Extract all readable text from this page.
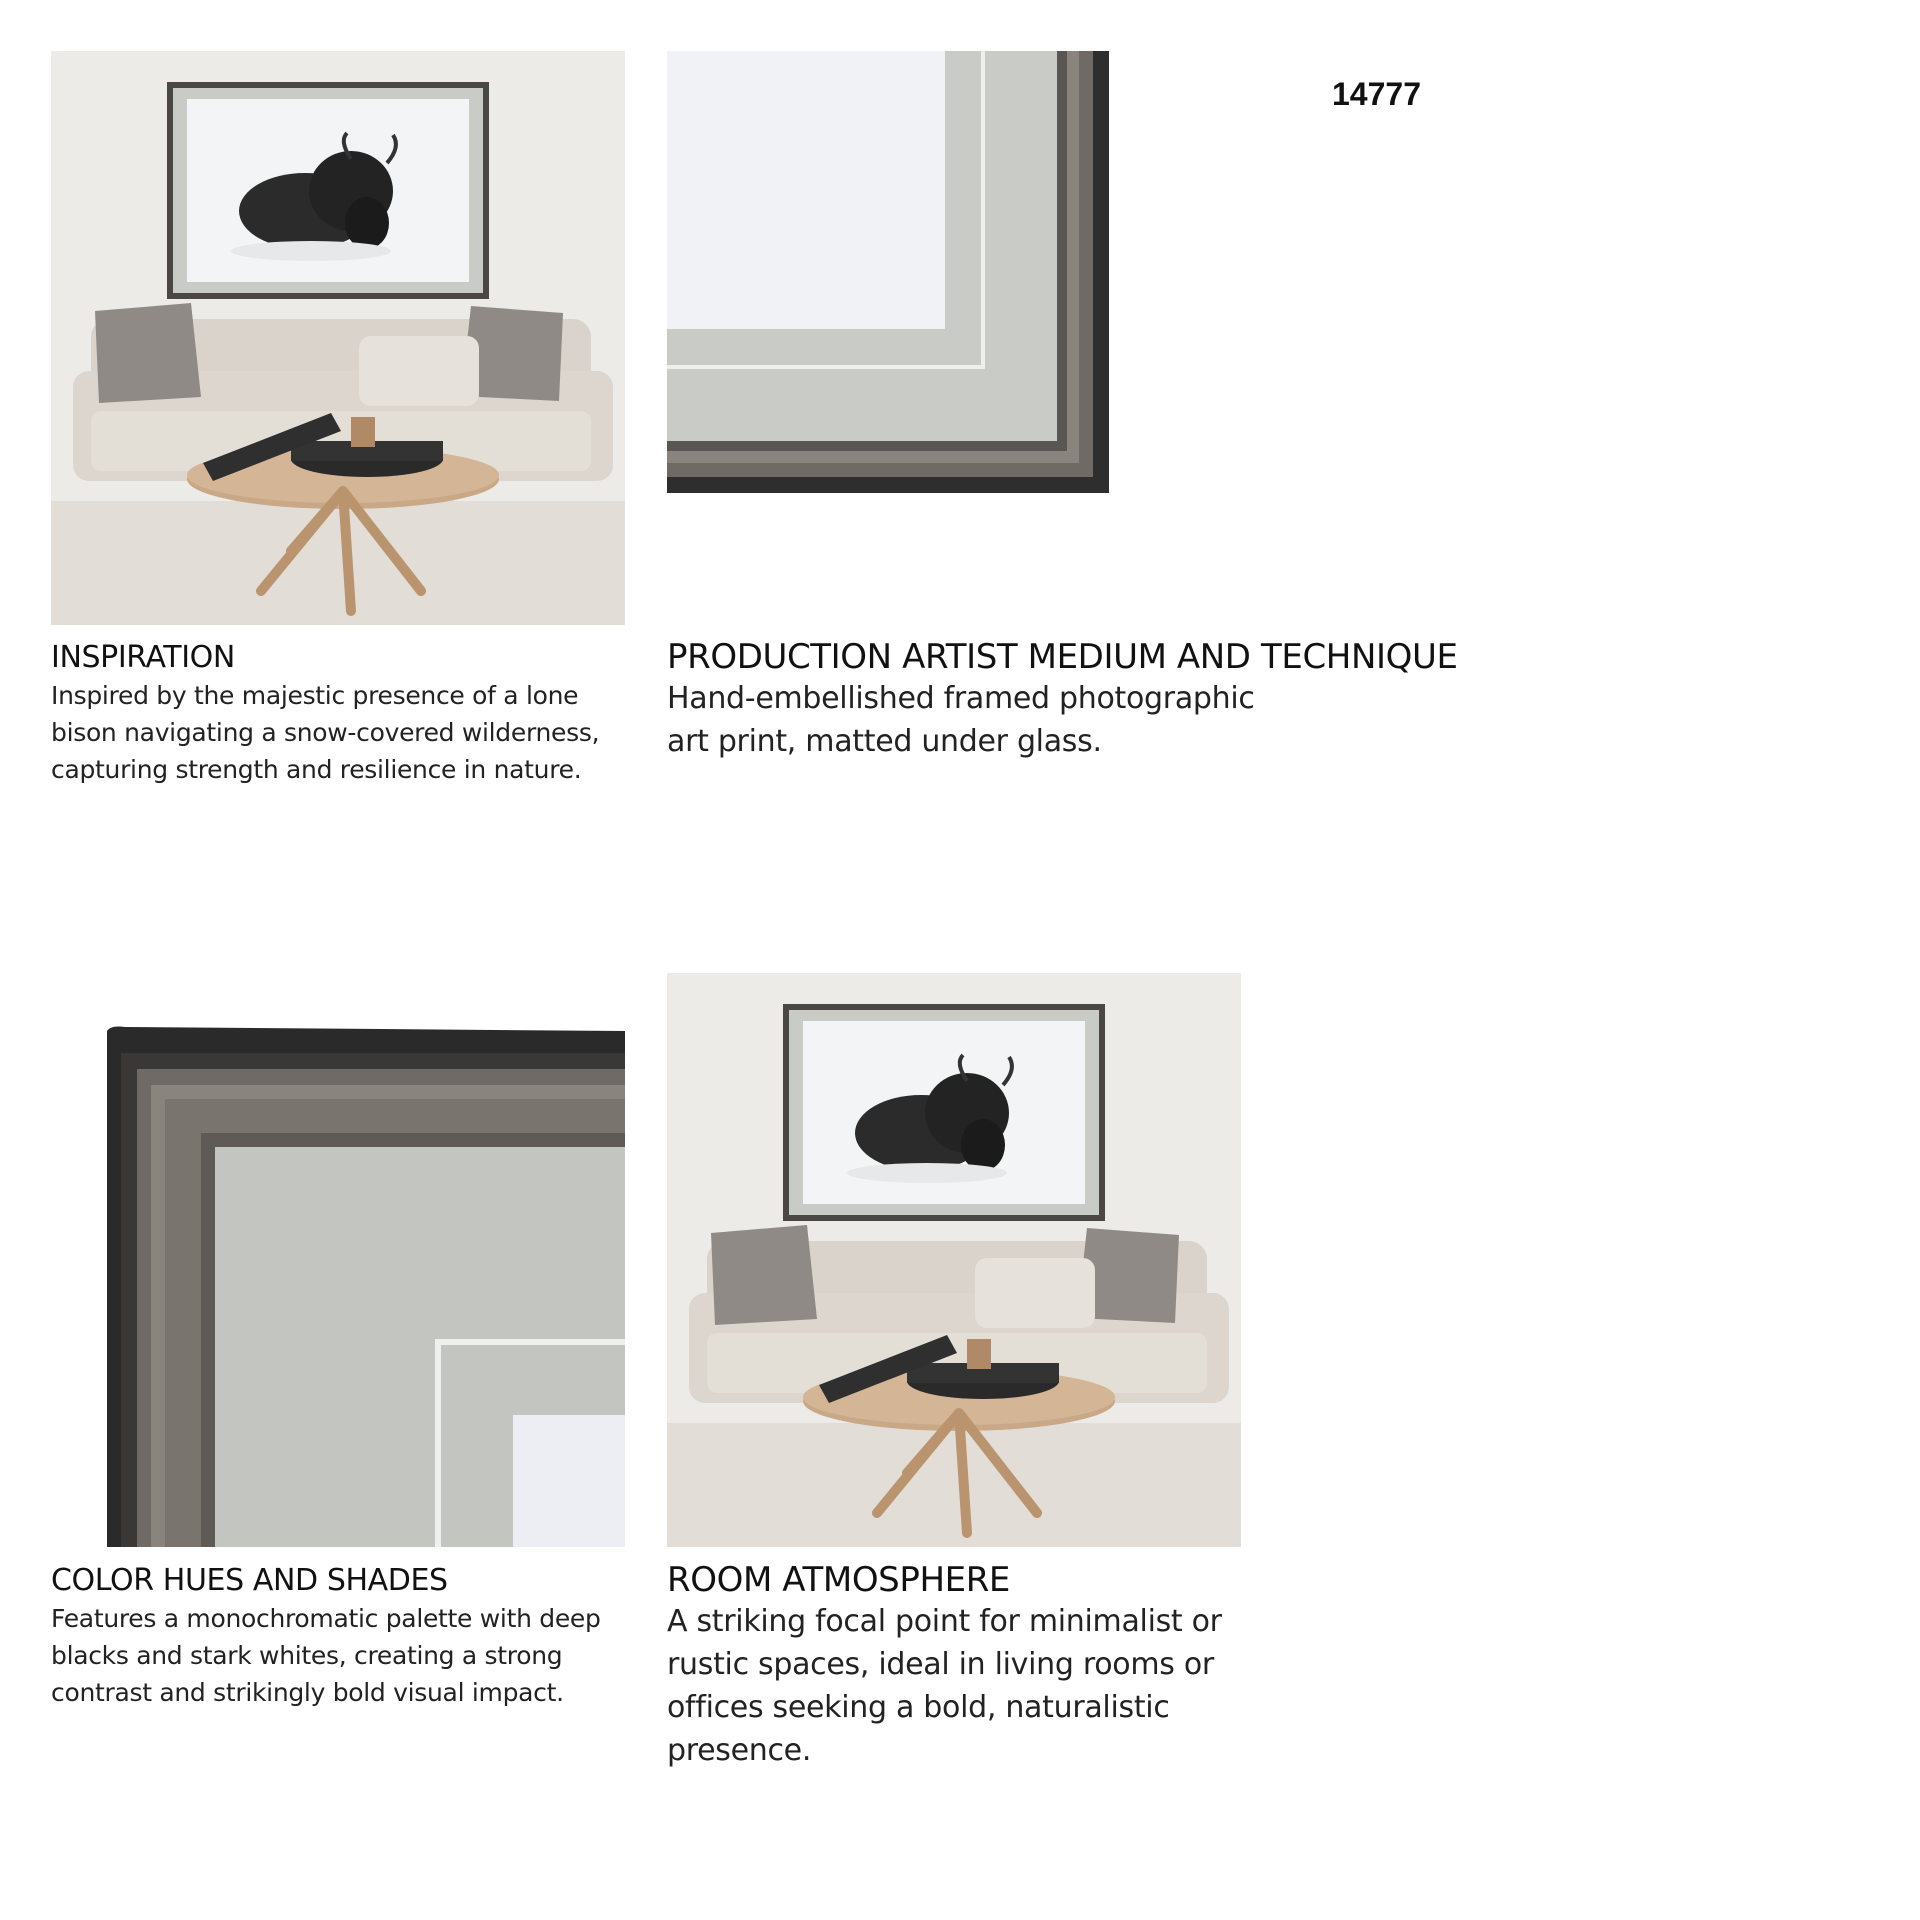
14777
INSPIRATION
Inspired by the majestic presence of a lone
bison navigating a snow-covered wilderness,
capturing strength and resilience in nature.
PRODUCTION ARTIST MEDIUM AND TECHNIQUE
Hand-embellished framed photographic
art print, matted under glass.
COLOR HUES AND SHADES
Features a monochromatic palette with deep
blacks and stark whites, creating a strong
contrast and strikingly bold visual impact.
ROOM ATMOSPHERE
A striking focal point for minimalist or
rustic spaces, ideal in living rooms or
offices seeking a bold, naturalistic
presence.
